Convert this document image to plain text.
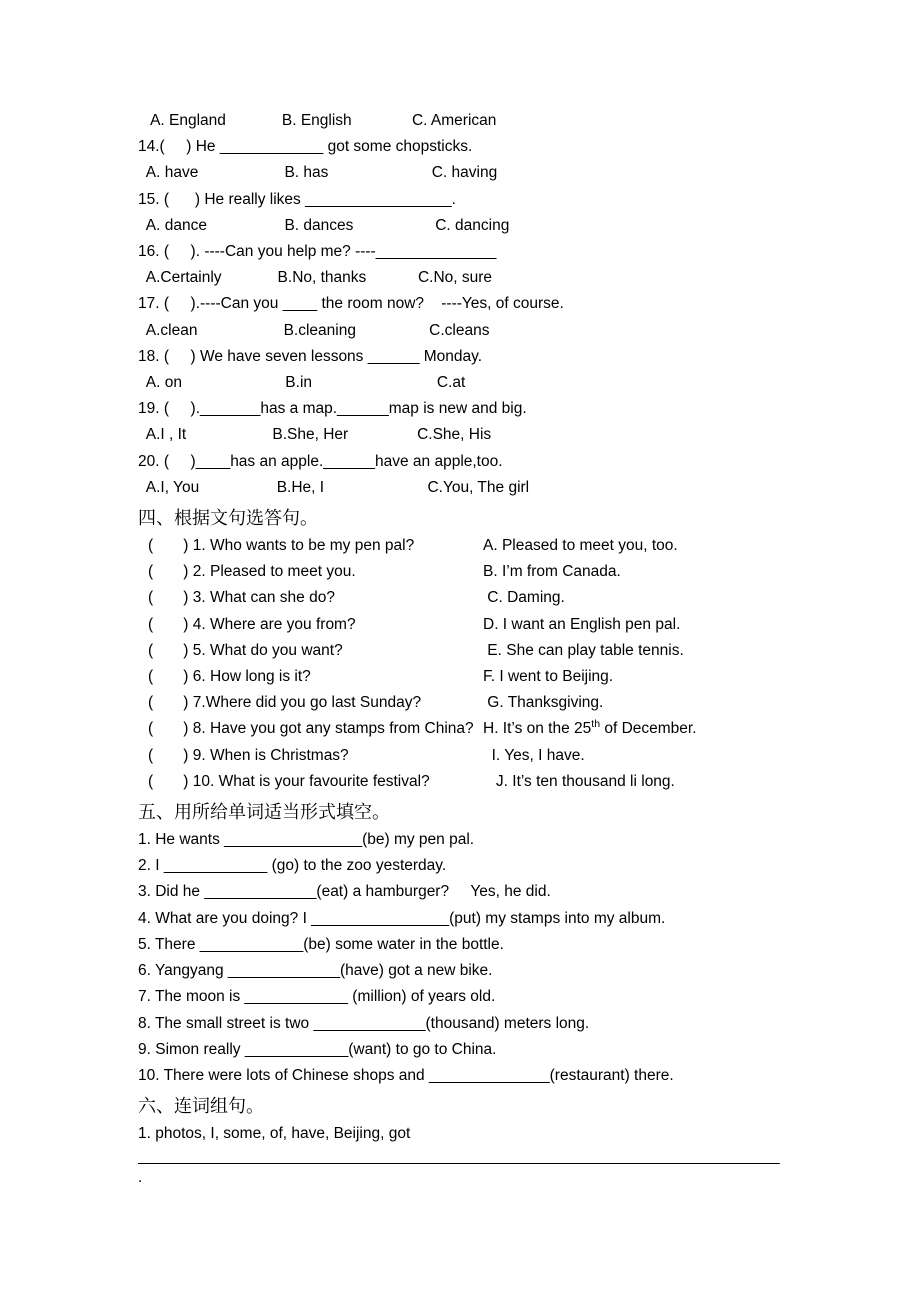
A. England             B. English              C. American
14.(     ) He ____________ got some chopsticks.
A. have                    B. has                        C. having
15. (      ) He really likes _________________.
A. dance                  B. dances                   C. dancing
16. (     ). ----Can you help me? ----______________
A.Certainly             B.No, thanks            C.No, sure
17. (     ).----Can you ____ the room now?    ----Yes, of course.
A.clean                    B.cleaning                 C.cleans
18. (     ) We have seven lessons ______ Monday.
A. on                        B.in                             C.at
19. (     )._______has a map.______map is new and big.
A.I , It                    B.She, Her                C.She, His
20. (     )____has an apple.______have an apple,too.
A.I, You                  B.He, I                        C.You, The girl
四、根据文句选答句。
(       ) 1. Who wants to be my pen pal?	A. Pleased to meet you, too.
(       ) 2. Pleased to meet you.	B. I’m from Canada.
(       ) 3. What can she do?	C. Daming.
(       ) 4. Where are you from?	D. I want an English pen pal.
(       ) 5. What do you want?	E. She can play table tennis.
(       ) 6. How long is it?	F. I went to Beijing.
(       ) 7.Where did you go last Sunday?	G. Thanksgiving.
(       ) 8. Have you got any stamps from China? H. It’s on the 25th of December.
(       ) 9. When is Christmas?	I. Yes, I have.
(       ) 10. What is your favourite festival?	J. It’s ten thousand li long.
五、用所给单词适当形式填空。
1. He wants ________________(be) my pen pal.
2. I ____________ (go) to the zoo yesterday.
3. Did he _____________(eat) a hamburger?     Yes, he did.
4. What are you doing? I ________________(put) my stamps into my album.
5. There ____________(be) some water in the bottle.
6. Yangyang _____________(have) got a new bike.
7. The moon is ____________ (million) of years old.
8. The small street is two _____________(thousand) meters long.
9. Simon really ____________(want) to go to China.
10. There were lots of Chinese shops and ______________(restaurant) there.
六、连词组句。
1. photos, I, some, of, have, Beijing, got
______________________________________________________________________________
.
